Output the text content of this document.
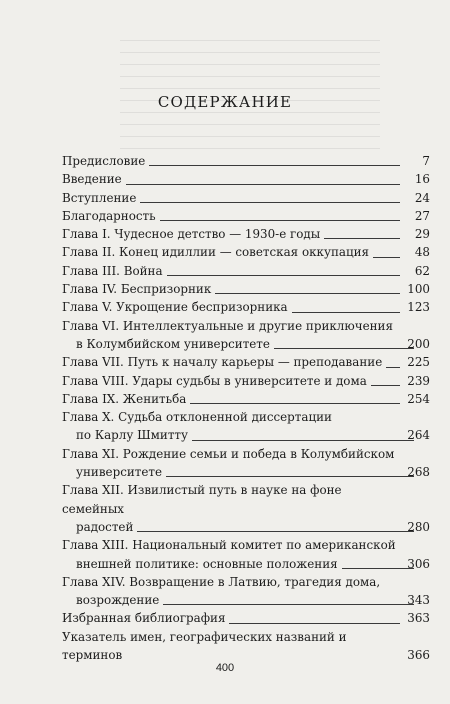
СОДЕРЖАНИЕ
Предисловие	7
Введение	16
Вступление	24
Благодарность	27
Глава I. Чудесное детство — 1930-е годы	29
Глава II. Конец идиллии — советская оккупация	48
Глава III. Война	62
Глава IV. Беспризорник	100
Глава V. Укрощение беспризорника	123
Глава VI. Интеллектуальные и другие приключения
в Колумбийском университете	200
Глава VII. Путь к началу карьеры — преподавание 225
Глава VIII. Удары судьбы в университете и дома	239
Глава IX. Женитьба	254
Глава X. Судьба отклоненной диссертации
по Карлу Шмитту	264
Глава XI. Рождение семьи и победа в Колумбийском
университете	268
Глава XII. Извилистый путь в науке на фоне семейных
радостей	280
Глава XIII. Национальный комитет по американской
внешней политике: основные положения	306
Глава XIV. Возвращение в Латвию, трагедия дома,
возрождение	343
Избранная библиография	363
Указатель имен, географических названий и терминов	366
400
